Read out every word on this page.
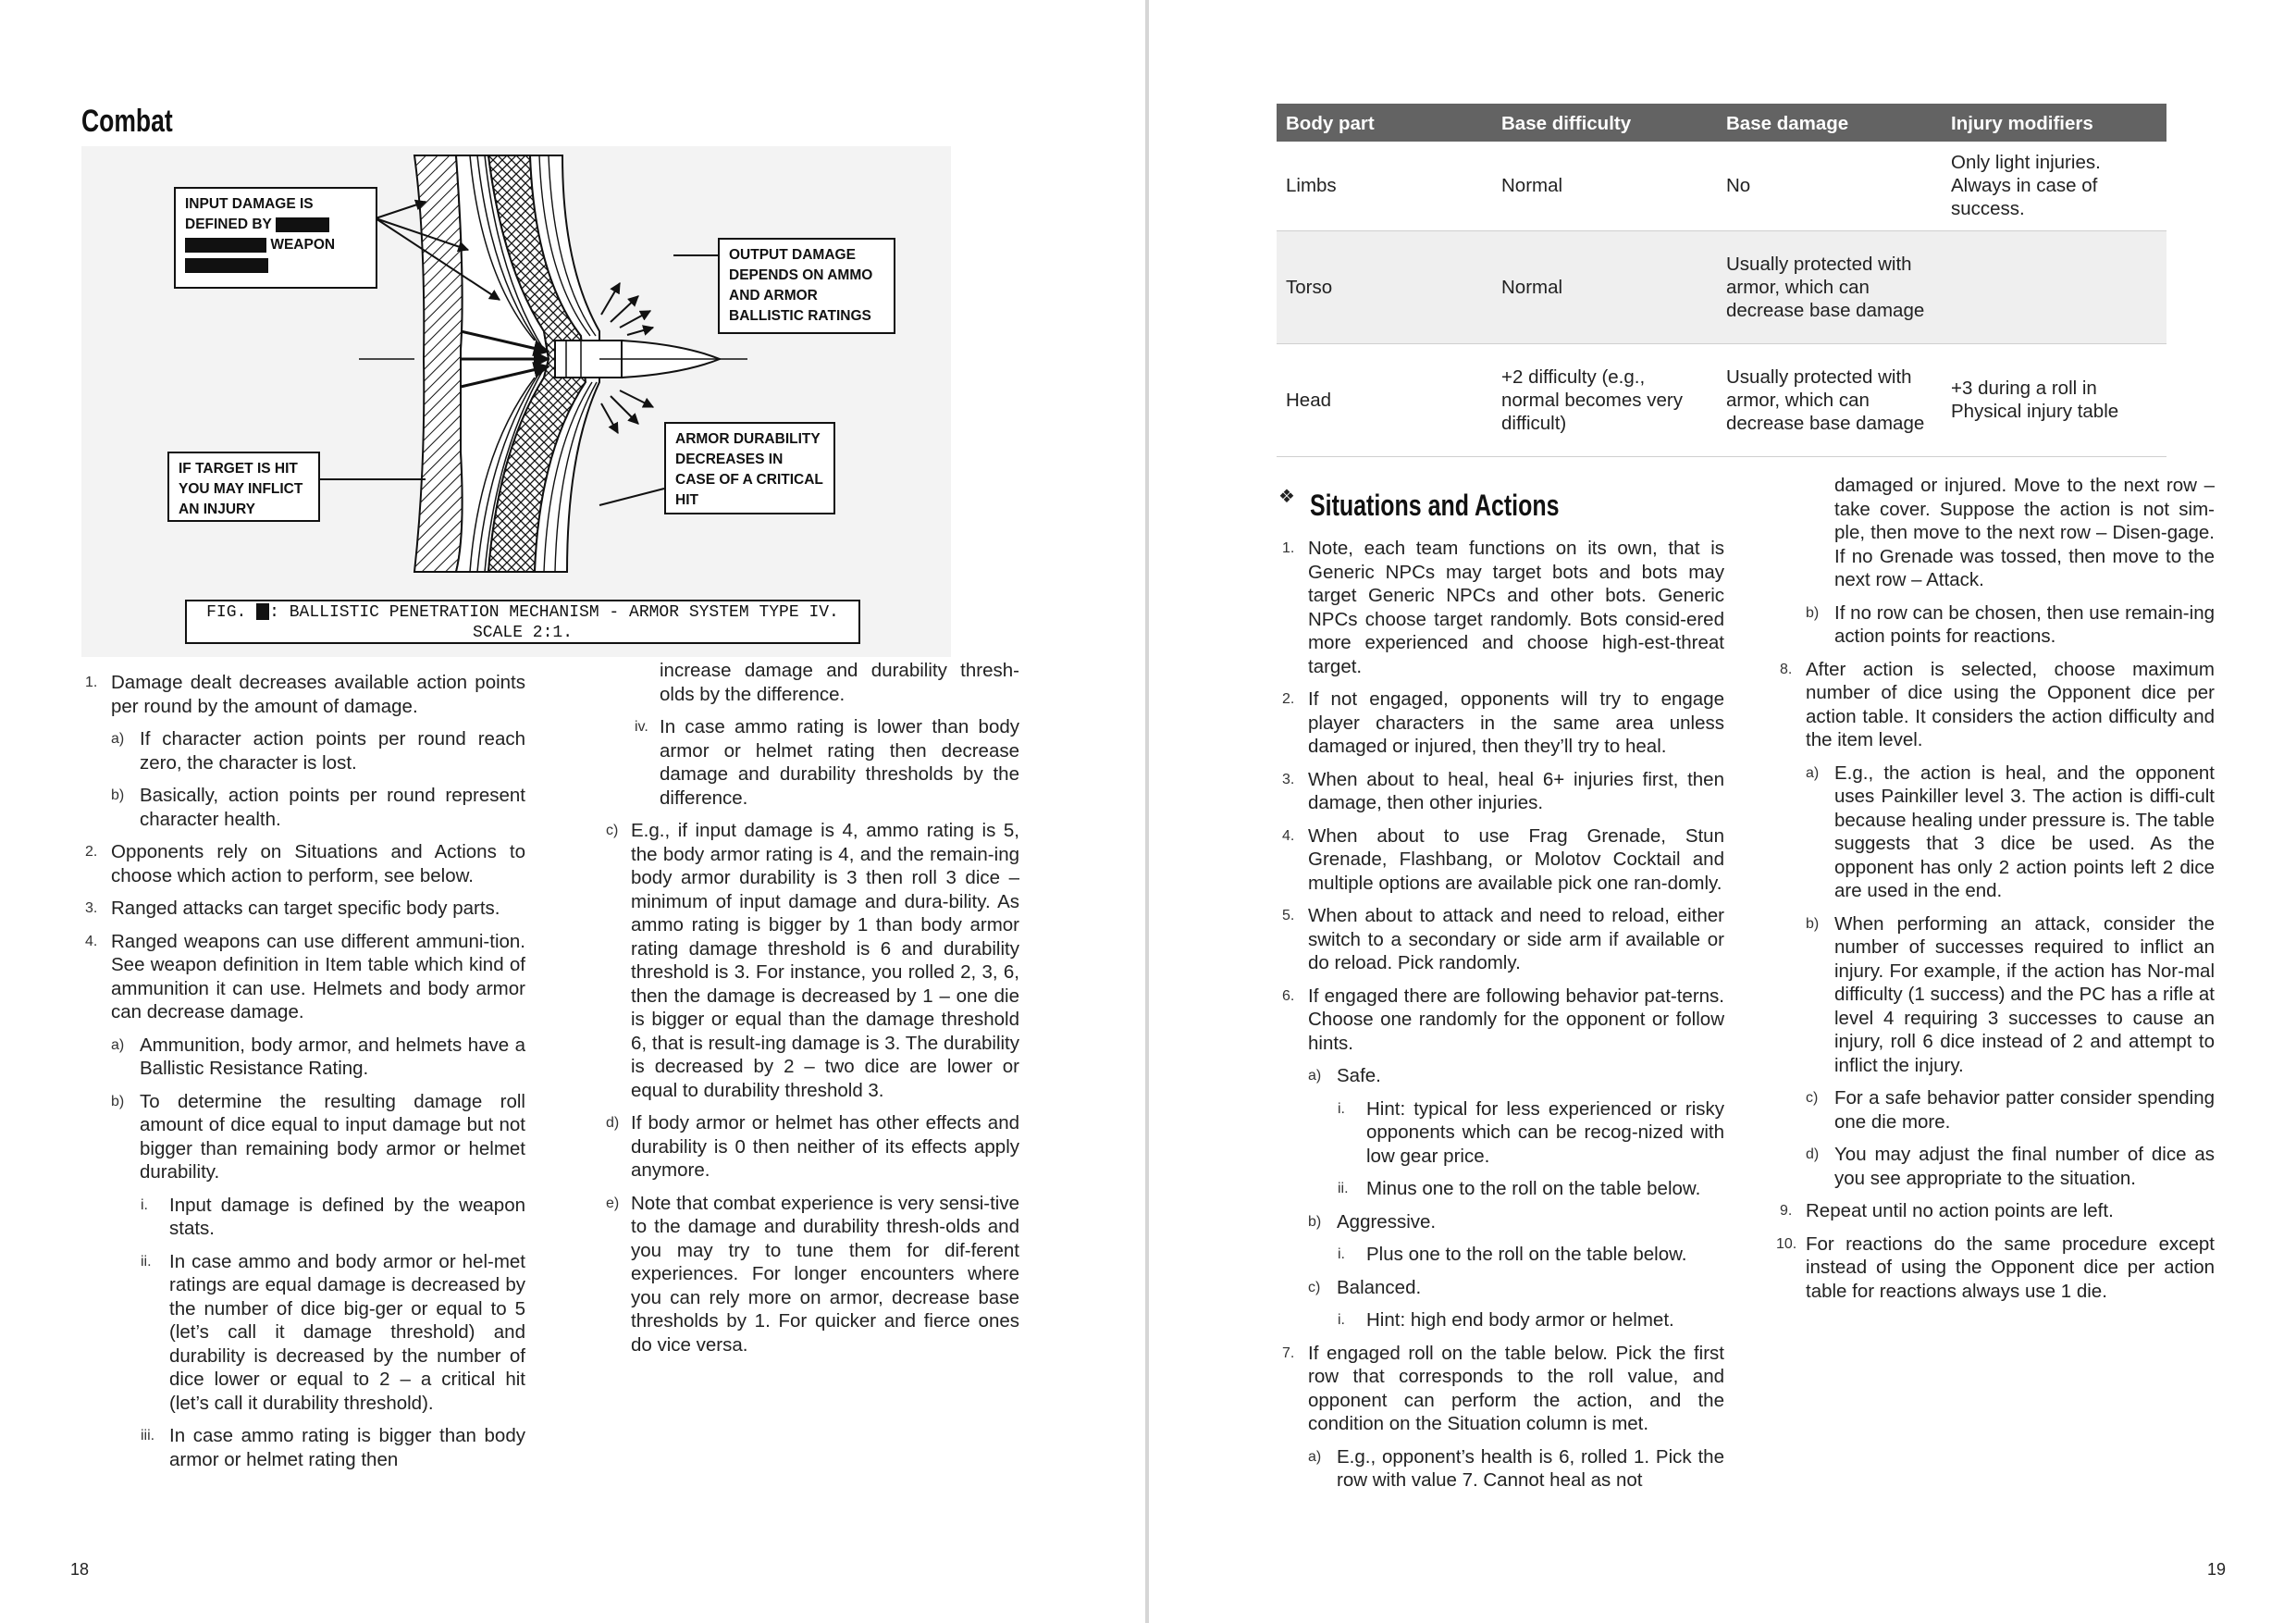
Combat
INPUT DAMAGE IS
DEFINED BY
WEAPON
OUTPUT DAMAGE DEPENDS ON AMMO AND ARMOR BALLISTIC RATINGS
IF TARGET IS HIT YOU MAY INFLICT AN INJURY
ARMOR DURABILITY DECREASES IN CASE OF A CRITICAL HIT
FIG. : BALLISTIC PENETRATION MECHANISM - ARMOR SYSTEM TYPE IV.
SCALE 2:1.
1. Damage dealt decreases available action points per round by the amount of damage.
a) If character action points per round reach zero, the character is lost.
b) Basically, action points per round represent character health.
2. Opponents rely on Situations and Actions to choose which action to perform, see below.
3. Ranged attacks can target specific body parts.
4. Ranged weapons can use different ammuni-tion. See weapon definition in Item table which kind of ammunition it can use. Helmets and body armor can decrease damage.
a) Ammunition, body armor, and helmets have a Ballistic Resistance Rating.
b) To determine the resulting damage roll amount of dice equal to input damage but not bigger than remaining body armor or helmet durability.
i. Input damage is defined by the weapon stats.
ii. In case ammo and body armor or hel-met ratings are equal damage is decreased by the number of dice big-ger or equal to 5 (let’s call it damage threshold) and durability is decreased by the number of dice lower or equal to 2 – a critical hit (let’s call it durability threshold).
iii. In case ammo rating is bigger than body armor or helmet rating then
increase damage and durability thresh-olds by the difference.
iv. In case ammo rating is lower than body armor or helmet rating then decrease damage and durability thresholds by the difference.
c) E.g., if input damage is 4, ammo rating is 5, the body armor rating is 4, and the remain-ing body armor durability is 3 then roll 3 dice – minimum of input damage and dura-bility. As ammo rating is bigger by 1 than body armor rating damage threshold is 6 and durability threshold is 3. For instance, you rolled 2, 3, 6, then the damage is decreased by 1 – one die is bigger or equal than the damage threshold 6, that is result-ing damage is 3. The durability is decreased by 2 – two dice are lower or equal to durability threshold 3.
d) If body armor or helmet has other effects and durability is 0 then neither of its effects apply anymore.
e) Note that combat experience is very sensi-tive to the damage and durability thresh-olds and you may try to tune them for dif-ferent experiences. For longer encounters where you can rely more on armor, decrease base thresholds by 1. For quicker and fierce ones do vice versa.
18
Body part	Base difficulty	Base damage	Injury modifiers
Limbs	Normal	No	Only light injuries. Always in case of success.
Torso	Normal	Usually protected with armor, which can decrease base damage	
Head	+2 difficulty (e.g., normal becomes very difficult)	Usually protected with armor, which can decrease base damage	+3 during a roll in Physical injury table
❖ Situations and Actions
1. Note, each team functions on its own, that is Generic NPCs may target bots and bots may target Generic NPCs and other bots. Generic NPCs choose target randomly. Bots consid-ered more experienced and choose high-est-threat target.
2. If not engaged, opponents will try to engage player characters in the same area unless damaged or injured, then they’ll try to heal.
3. When about to heal, heal 6+ injuries first, then damage, then other injuries.
4. When about to use Frag Grenade, Stun Grenade, Flashbang, or Molotov Cocktail and multiple options are available pick one ran-domly.
5. When about to attack and need to reload, either switch to a secondary or side arm if available or do reload. Pick randomly.
6. If engaged there are following behavior pat-terns. Choose one randomly for the opponent or follow hints.
a) Safe.
i. Hint: typical for less experienced or risky opponents which can be recog-nized with low gear price.
ii. Minus one to the roll on the table below.
b) Aggressive.
i. Plus one to the roll on the table below.
c) Balanced.
i. Hint: high end body armor or helmet.
7. If engaged roll on the table below. Pick the first row that corresponds to the roll value, and opponent can perform the action, and the condition on the Situation column is met.
a) E.g., opponent’s health is 6, rolled 1. Pick the row with value 7. Cannot heal as not
damaged or injured. Move to the next row – take cover. Suppose the action is not sim-ple, then move to the next row – Disen-gage. If no Grenade was tossed, then move to the next row – Attack.
b) If no row can be chosen, then use remain-ing action points for reactions.
8. After action is selected, choose maximum number of dice using the Opponent dice per action table. It considers the action difficulty and the item level.
a) E.g., the action is heal, and the opponent uses Painkiller level 3. The action is diffi-cult because healing under pressure is. The table suggests that 3 dice be used. As the opponent has only 2 action points left 2 dice are used in the end.
b) When performing an attack, consider the number of successes required to inflict an injury. For example, if the action has Nor-mal difficulty (1 success) and the PC has a rifle at level 4 requiring 3 successes to cause an injury, roll 6 dice instead of 2 and attempt to inflict the injury.
c) For a safe behavior patter consider spending one die more.
d) You may adjust the final number of dice as you see appropriate to the situation.
9. Repeat until no action points are left.
10. For reactions do the same procedure except instead of using the Opponent dice per action table for reactions always use 1 die.
19
